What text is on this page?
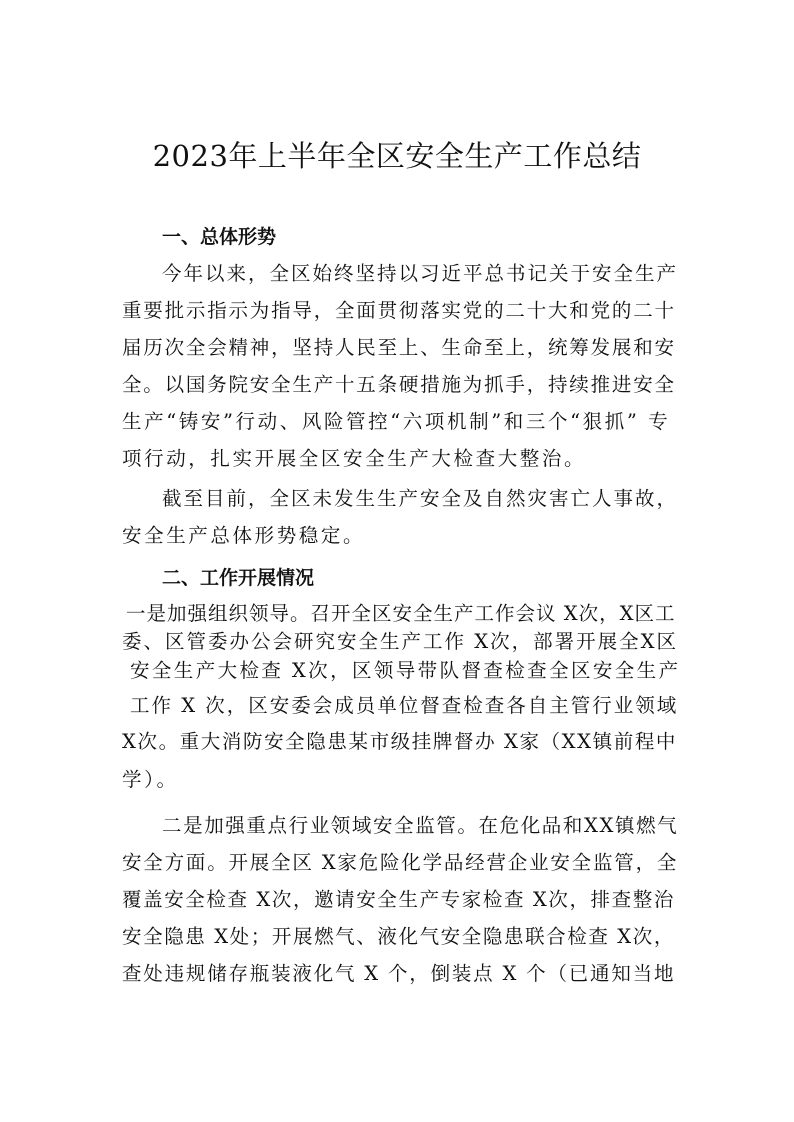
2023年上半年全区安全生产工作总结
一、总体形势

今年以来，全区始终坚持以习近平总书记关于安全生产

重要批示指示为指导，全面贯彻落实党的二十大和党的二十

届历次全会精神，坚持人民至上、生命至上，统筹发展和安

全。以国务院安全生产十五条硬措施为抓手，持续推进安全

生产“铸安”行动、风险管控“六项机制”和三个“狠抓” 专

项行动，扎实开展全区安全生产大检查大整治。

截至目前，全区未发生生产安全及自然灾害亡人事故，

安全生产总体形势稳定。

二、工作开展情况

一是加强组织领导。召开全区安全生产工作会议 X次，X区工

委、区管委办公会研究安全生产工作 X次，部署开展全X区

安全生产大检查 X次，区领导带队督查检查全区安全生产

工作 X 次，区安委会成员单位督查检查各自主管行业领域

X次。重大消防安全隐患某市级挂牌督办 X家（XX镇前程中

学）。

二是加强重点行业领域安全监管。在危化品和XX镇燃气

安全方面。开展全区 X家危险化学品经营企业安全监管，全

覆盖安全检查 X次，邀请安全生产专家检查 X次，排查整治

安全隐患 X处；开展燃气、液化气安全隐患联合检查 X次，

查处违规储存瓶装液化气 X 个，倒装点 X 个（已通知当地
